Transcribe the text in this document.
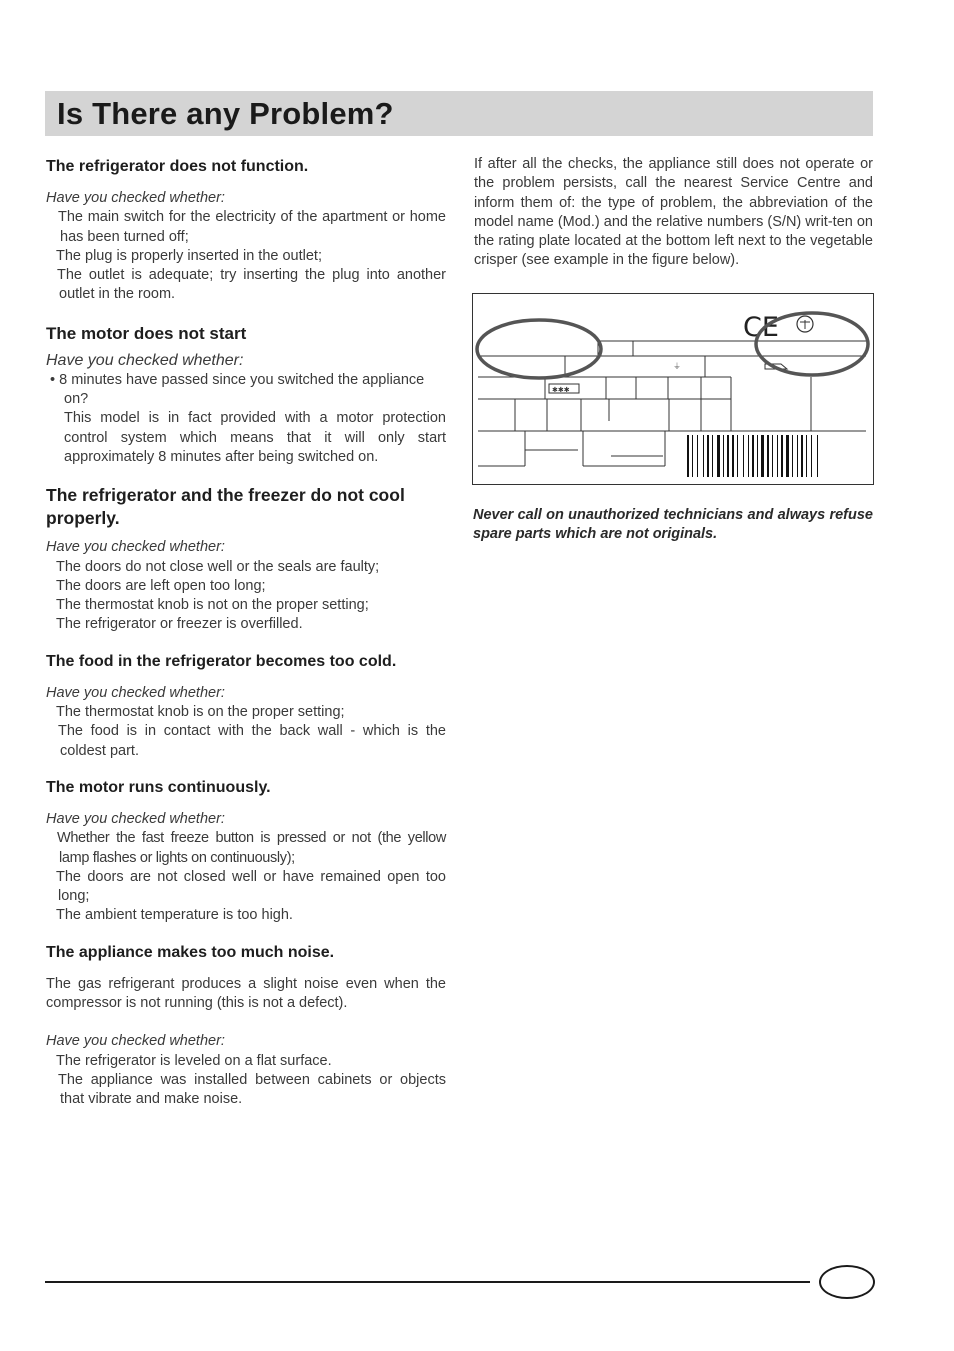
Is There any Problem?
The refrigerator does not function.
Have you checked whether:
The main switch for the electricity of the apartment or home has been turned off;
The plug is properly inserted in the outlet;
The outlet is adequate; try inserting the plug into another outlet in the room.
The motor does not start
Have you checked whether:
• 8 minutes have passed since you switched the appliance on?
This model is in fact provided with a motor protection control system which means that it will only start approximately 8 minutes after being switched on.
The refrigerator and the freezer do not cool properly.
Have you checked whether:
The doors do not close well or the seals are faulty;
The doors are left open too long;
The thermostat knob is not on the proper setting;
The refrigerator or freezer is overfilled.
The food in the refrigerator becomes too cold.
Have you checked whether:
The thermostat knob is on the proper setting;
The food is in contact with the back wall - which is the coldest part.
The motor runs continuously.
Have you checked whether:
Whether the fast freeze button is pressed or not (the yellow lamp flashes or lights on continuously);
The doors are not closed well or have remained open too long;
The ambient temperature is too high.
The appliance makes too much noise.
The gas refrigerant produces a slight noise even when the compressor is not running (this is not a defect).
Have you checked whether:
The refrigerator is leveled on a flat surface.
The appliance was installed between cabinets or objects that vibrate and make noise.
If after all the checks, the appliance still does not operate or the problem persists, call the nearest Service Centre and inform them of: the type of problem, the abbreviation of the model name (Mod.) and the relative numbers (S/N) writ-ten on the rating plate located at the bottom left next to the vegetable crisper (see example in the figure below).
✱✱✱
⏚
CE
Never call on unauthorized technicians and always refuse spare parts which are not originals.
